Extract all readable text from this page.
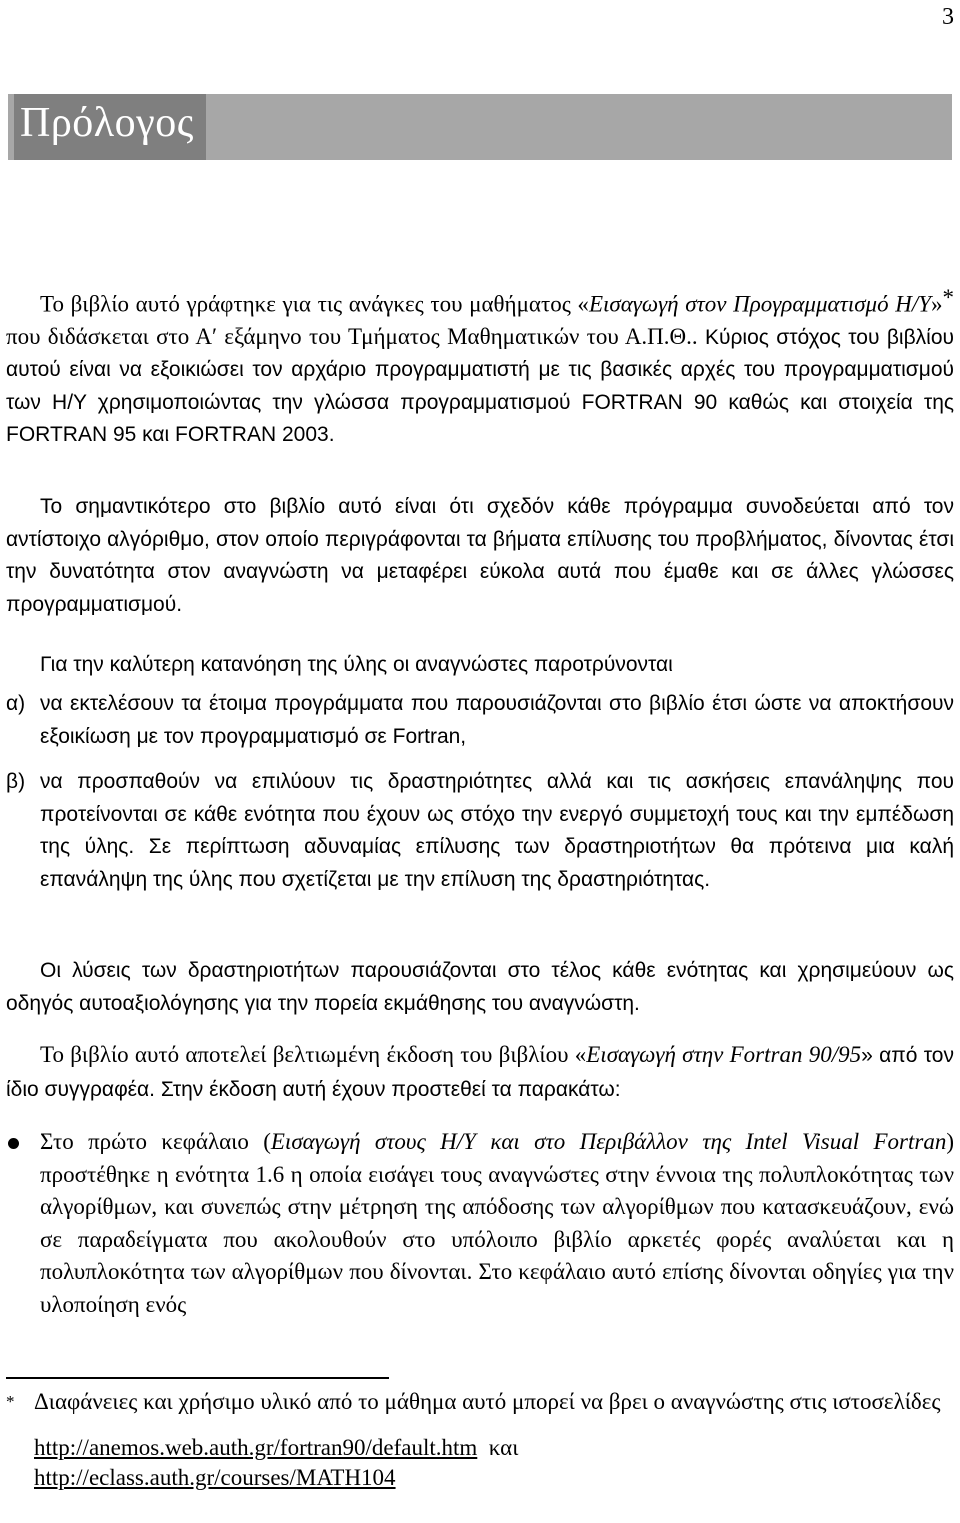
3
Πρόλογος
Το βιβλίο αυτό γράφτηκε για τις ανάγκες του μαθήματος «Εισαγωγή στον Προγραμματισμό Η/Υ»* που διδάσκεται στο Α′ εξάμηνο του Τμήματος Μαθηματικών του Α.Π.Θ.. Κύριος στόχος του βιβλίου αυτού είναι να εξοικιώσει τον αρχάριο προγραμματιστή με τις βασικές αρχές του προγραμματισμού των Η/Υ χρησιμοποιώντας την γλώσσα προγραμματισμού FORTRAN 90 καθώς και στοιχεία της FORTRAN 95 και FORTRAN 2003.
Το σημαντικότερο στο βιβλίο αυτό είναι ότι σχεδόν κάθε πρόγραμμα συνοδεύεται από τον αντίστοιχο αλγόριθμο, στον οποίο περιγράφονται τα βήματα επίλυσης του προβλήματος, δίνοντας έτσι την δυνατότητα στον αναγνώστη να μεταφέρει εύκολα αυτά που έμαθε και σε άλλες γλώσσες προγραμματισμού.
Για την καλύτερη κατανόηση της ύλης οι αναγνώστες παροτρύνονται
α) να εκτελέσουν τα έτοιμα προγράμματα που παρουσιάζονται στο βιβλίο έτσι ώστε να αποκτήσουν εξοικίωση με τον προγραμματισμό σε Fortran,
β) να προσπαθούν να επιλύουν τις δραστηριότητες αλλά και τις ασκήσεις επανάληψης που προτείνονται σε κάθε ενότητα που έχουν ως στόχο την ενεργό συμμετοχή τους και την εμπέδωση της ύλης. Σε περίπτωση αδυναμίας επίλυσης των δραστηριοτήτων θα πρότεινα μια καλή επανάληψη της ύλης που σχετίζεται με την επίλυση της δραστηριότητας.
Οι λύσεις των δραστηριοτήτων παρουσιάζονται στο τέλος κάθε ενότητας και χρησιμεύουν ως οδηγός αυτοαξιολόγησης για την πορεία εκμάθησης του αναγνώστη.
Το βιβλίο αυτό αποτελεί βελτιωμένη έκδοση του βιβλίου «Εισαγωγή στην Fortran 90/95» από τον ίδιο συγγραφέα. Στην έκδοση αυτή έχουν προστεθεί τα παρακάτω:
Στο πρώτο κεφάλαιο (Εισαγωγή στους Η/Υ και στο Περιβάλλον της Intel Visual Fortran) προστέθηκε η ενότητα 1.6 η οποία εισάγει τους αναγνώστες στην έννοια της πολυπλοκότητας των αλγορίθμων, και συνεπώς στην μέτρηση της απόδοσης των αλγορίθμων που κατασκευάζουν, ενώ σε παραδείγματα που ακολουθούν στο υπόλοιπο βιβλίο αρκετές φορές αναλύεται και η πολυπλοκότητα των αλγορίθμων που δίνονται. Στο κεφάλαιο αυτό επίσης δίνονται οδηγίες για την υλοποίηση ενός
* Διαφάνειες και χρήσιμο υλικό από το μάθημα αυτό μπορεί να βρει ο αναγνώστης στις ιστοσελίδες
http://anemos.web.auth.gr/fortran90/default.htm και
http://eclass.auth.gr/courses/MATH104
